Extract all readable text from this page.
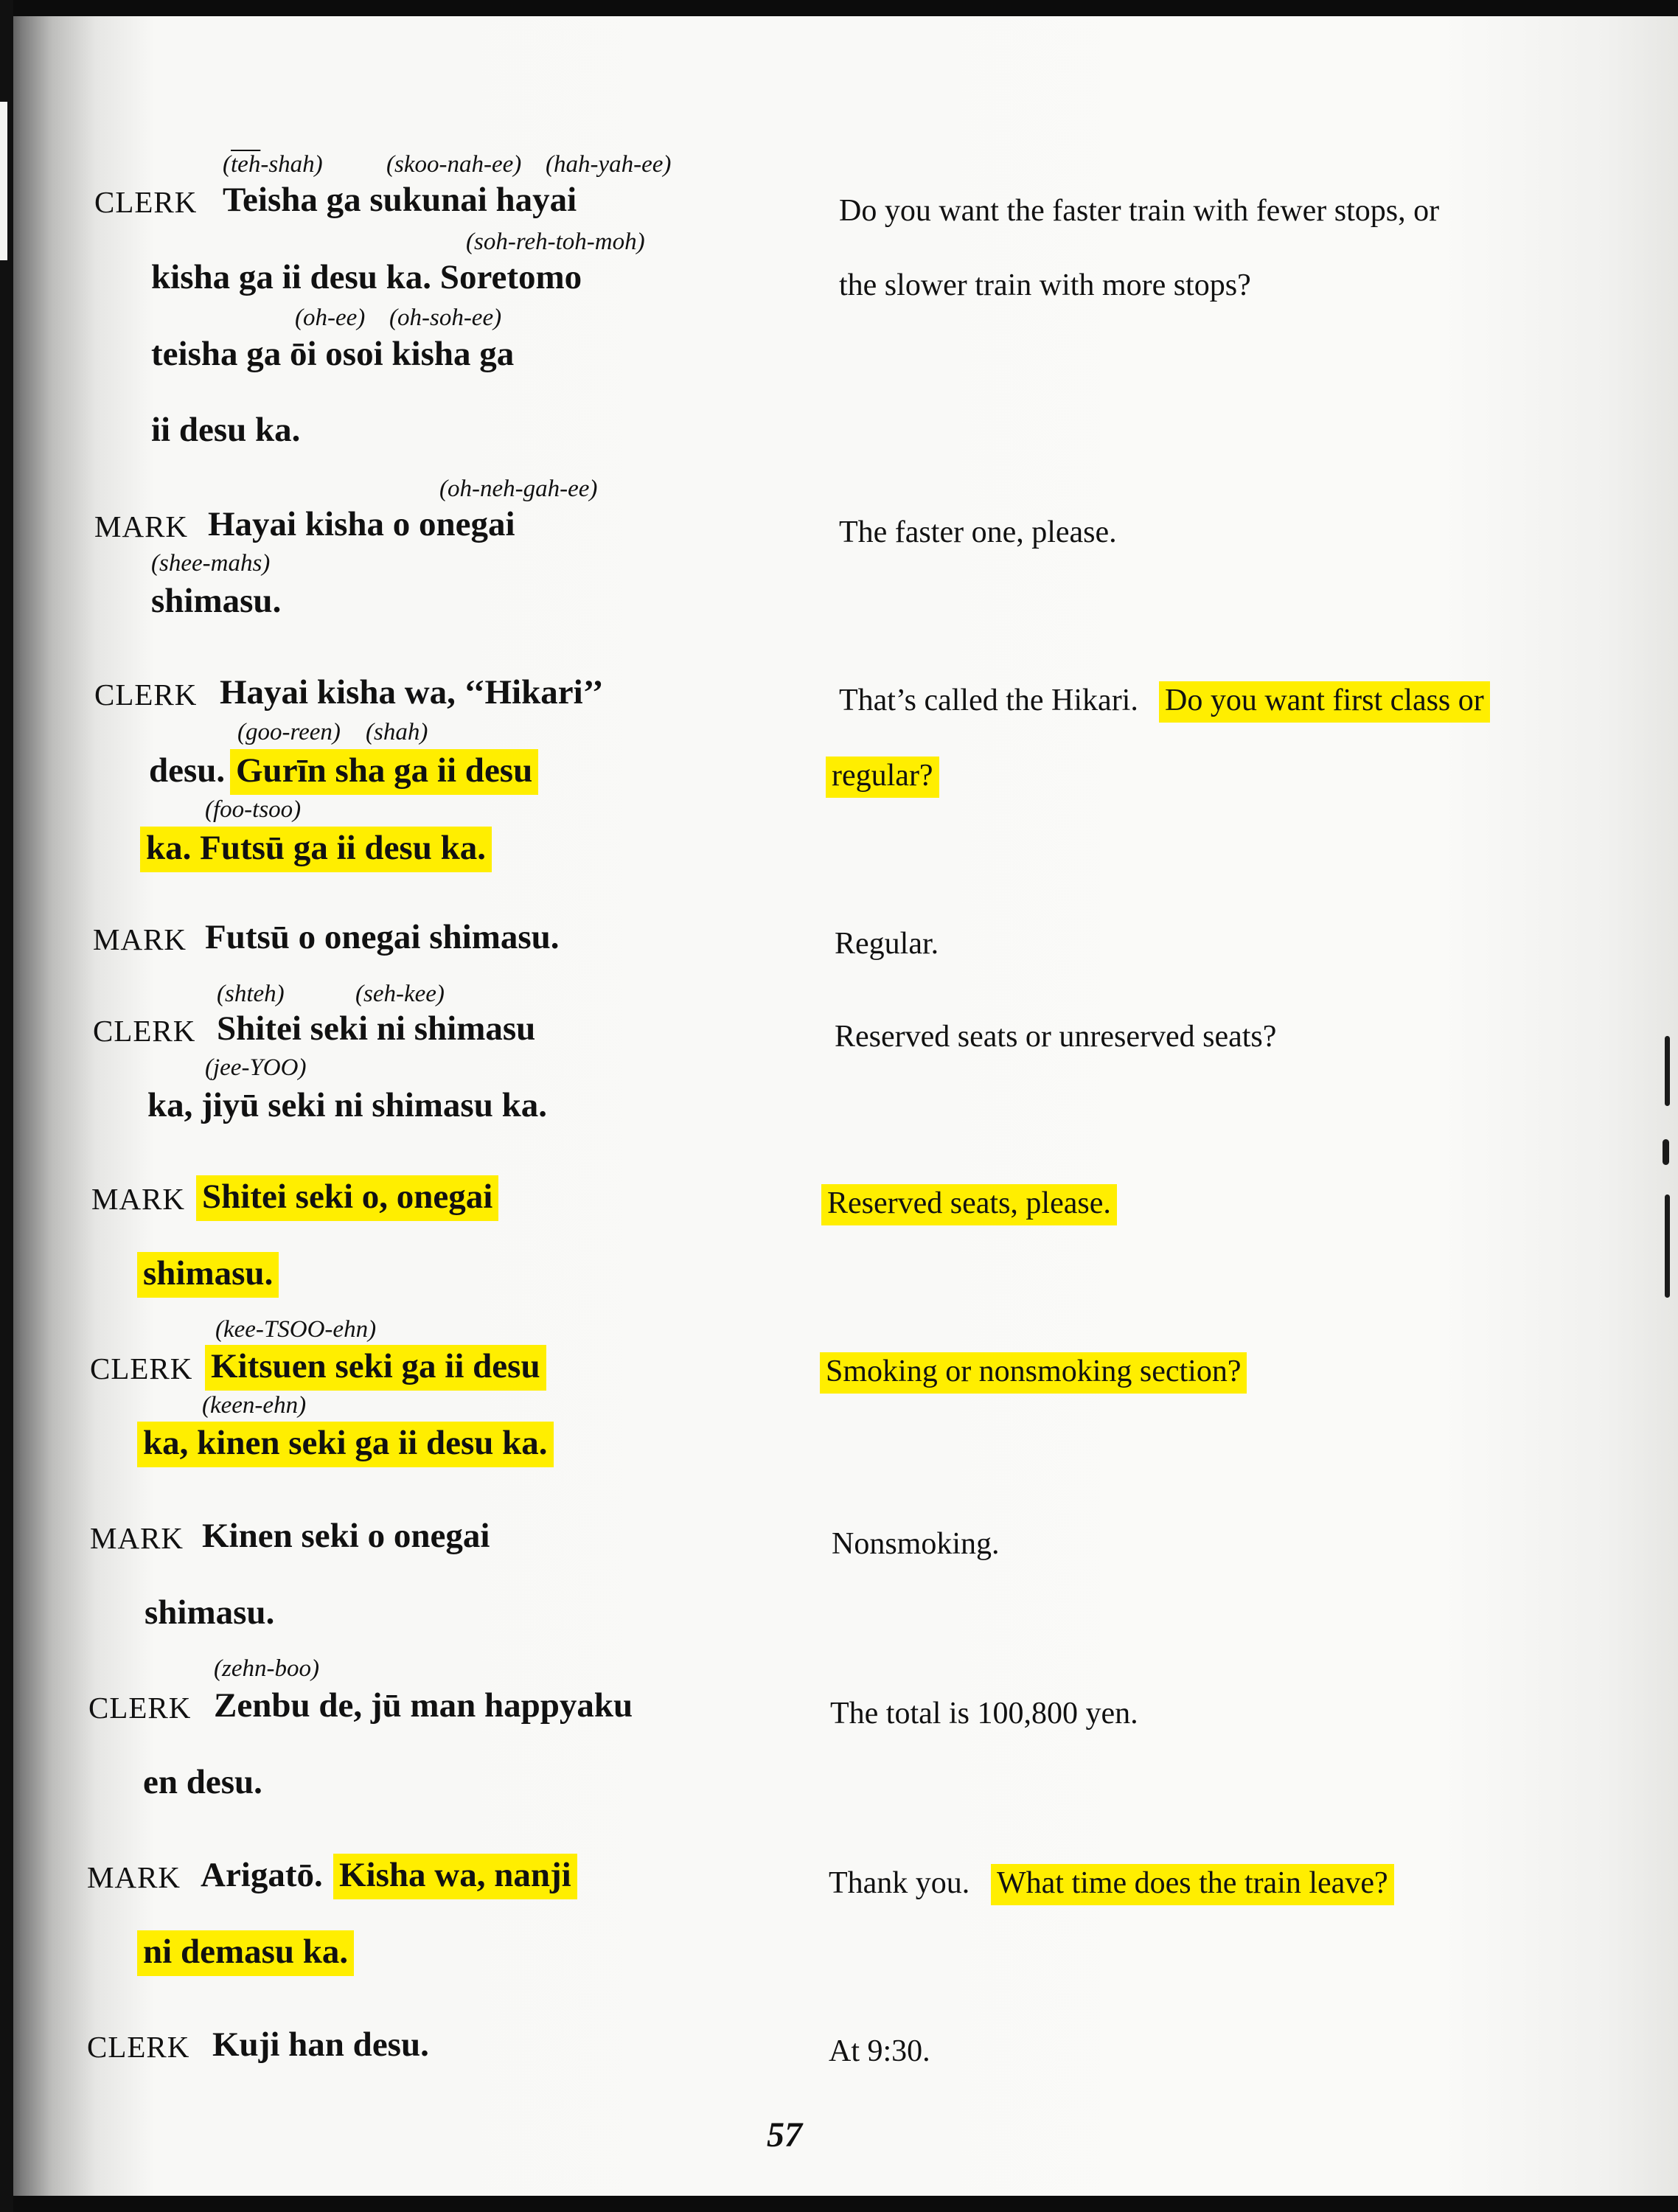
$(\overline{teh}-shah)$	(skoo-nah-ee) (hah-yah-ee)
CLERK Teisha ga sukunai hayai
(soh-reh-toh-moh)
kisha ga ii desu ka. Soretomo
(oh-ee) (oh-soh-ee)
teisha ga ōi osoi kisha ga
ii desu ka.
Do you want the faster train with fewer stops, or
the slower train with more stops?
(oh-neh-gah-ee)
MARK Hayai kisha o onegai
(shee-mahs)
shimasu.
The faster one, please.
CLERK Hayai kisha wa, ‘‘Hikari’’
(goo-reen) (shah)
desu. Gurīn sha ga ii desu
(foo-tsoo)
ka. Futsū ga ii desu ka.
That’s called the Hikari. Do you want first class or
regular?
MARK Futsū o onegai shimasu.	Regular.
(shteh)	(seh-kee)
CLERK Shitei seki ni shimasu
(jee-YOO)
ka, jiyū seki ni shimasu ka.
Reserved seats or unreserved seats?
MARK Shitei seki o, onegai
shimasu.
Reserved seats, please.
(kee-TSOO-ehn)
CLERK Kitsuen seki ga ii desu
(keen-ehn)
ka, kinen seki ga ii desu ka.
Smoking or nonsmoking section?
MARK Kinen seki o onegai
shimasu.
Nonsmoking.
(zehn-boo)
CLERK Zenbu de, jū man happyaku
en desu.
The total is 100,800 yen.
MARK Arigatō. Kisha wa, nanji
ni demasu ka.
Thank you. What time does the train leave?
CLERK Kuji han desu.	At 9:30.
57
